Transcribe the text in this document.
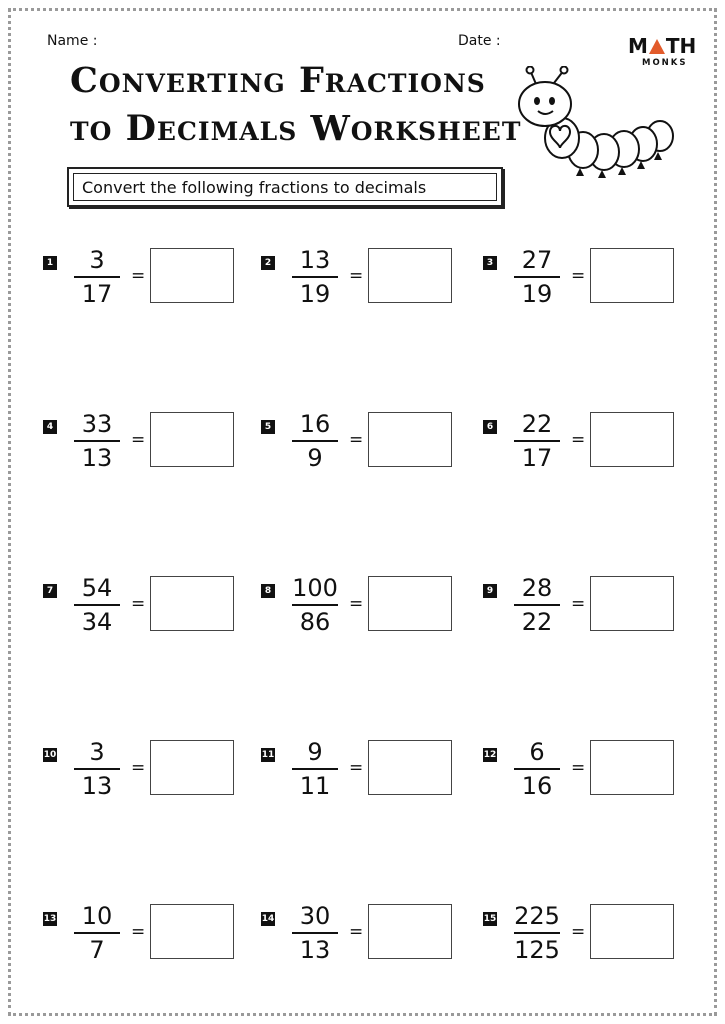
Name :	Date :	M TH
MONKS
Converting Fractions to Decimals Worksheet
Convert the following fractions to decimals
1 3
17
=
2 13
19
=
3 27
19
=
4 33
13
=
5 16
9
=
6 22
17
=
7 54
34
=
8 100
86
=
9 28
22
=
10 3
13
=
11 9
11
=
12 6
16
=
13 10
7
=
14 30
13
=
15 225
125
=
